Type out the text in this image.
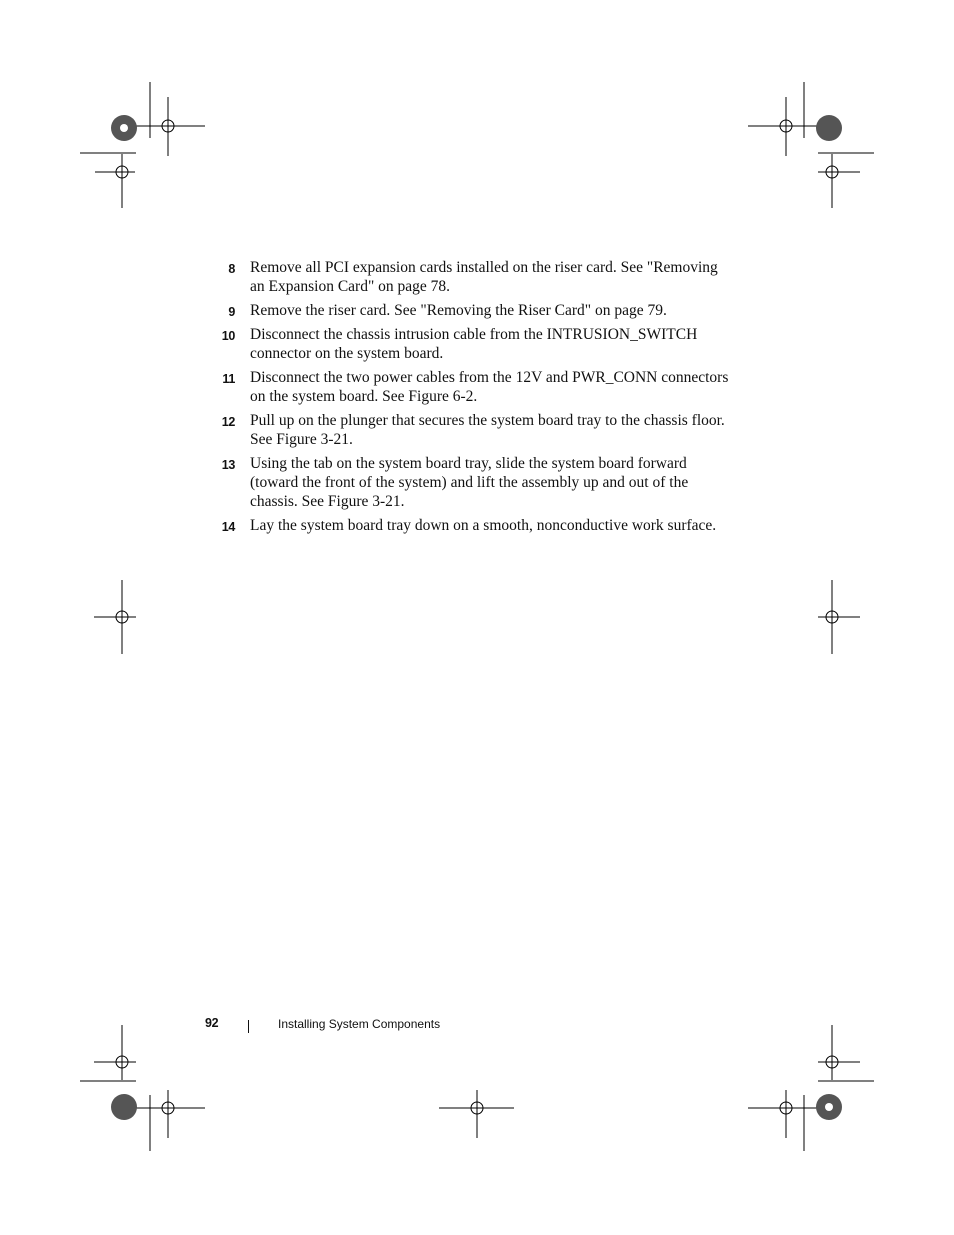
8 Remove all PCI expansion cards installed on the riser card. See "Removing an Expansion Card" on page 78.
9 Remove the riser card. See "Removing the Riser Card" on page 79.
10 Disconnect the chassis intrusion cable from the INTRUSION_SWITCH connector on the system board.
11 Disconnect the two power cables from the 12V and PWR_CONN connectors on the system board. See Figure 6-2.
12 Pull up on the plunger that secures the system board tray to the chassis floor. See Figure 3-21.
13 Using the tab on the system board tray, slide the system board forward (toward the front of the system) and lift the assembly up and out of the chassis. See Figure 3-21.
14 Lay the system board tray down on a smooth, nonconductive work surface.
92	Installing System Components
